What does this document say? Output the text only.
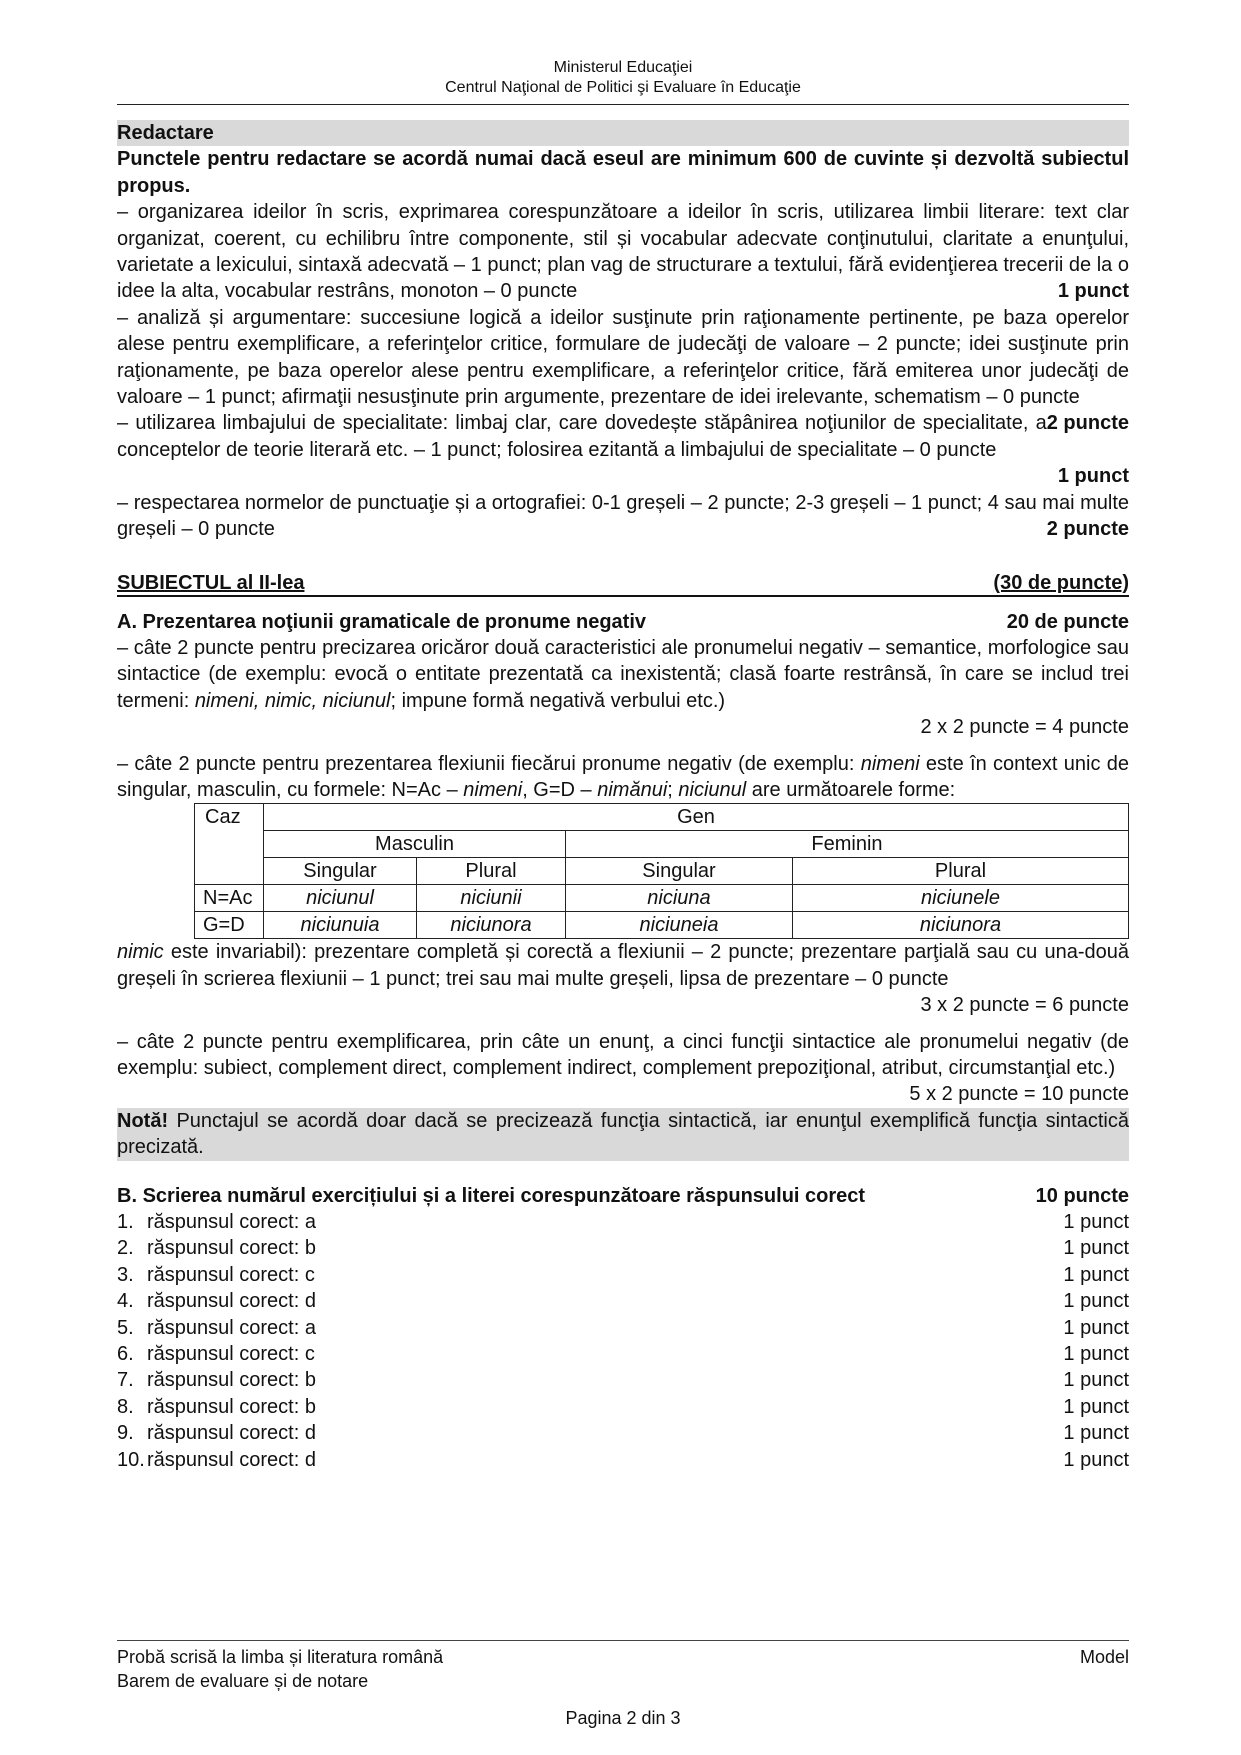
Ministerul Educaţiei
Centrul Naţional de Politici şi Evaluare în Educaţie
Redactare
Punctele pentru redactare se acordă numai dacă eseul are minimum 600 de cuvinte și dezvoltă subiectul propus.
– organizarea ideilor în scris, exprimarea corespunzătoare a ideilor în scris, utilizarea limbii literare: text clar organizat, coerent, cu echilibru între componente, stil și vocabular adecvate conţinutului, claritate a enunţului, varietate a lexicului, sintaxă adecvată – 1 punct; plan vag de structurare a textului, fără evidenţierea trecerii de la o idee la alta, vocabular restrâns, monoton – 0 puncte	1 punct
– analiză și argumentare: succesiune logică a ideilor susţinute prin raţionamente pertinente, pe baza operelor alese pentru exemplificare, a referinţelor critice, formulare de judecăţi de valoare – 2 puncte; idei susţinute prin raţionamente, pe baza operelor alese pentru exemplificare, a referinţelor critice, fără emiterea unor judecăţi de valoare – 1 punct; afirmaţii nesusţinute prin argumente, prezentare de idei irelevante, schematism – 0 puncte
2 puncte
– utilizarea limbajului de specialitate: limbaj clar, care dovedește stăpânirea noţiunilor de specialitate, a conceptelor de teorie literară etc. – 1 punct; folosirea ezitantă a limbajului de specialitate – 0 puncte
1 punct
– respectarea normelor de punctuaţie și a ortografiei: 0-1 greșeli – 2 puncte; 2-3 greșeli – 1 punct; 4 sau mai multe greșeli – 0 puncte	2 puncte
SUBIECTUL al II-lea	(30 de puncte)
A. Prezentarea noţiunii gramaticale de pronume negativ	20 de puncte
– câte 2 puncte pentru precizarea oricăror două caracteristici ale pronumelui negativ – semantice, morfologice sau sintactice (de exemplu: evocă o entitate prezentată ca inexistentă; clasă foarte restrânsă, în care se includ trei termeni: nimeni, nimic, niciunul; impune formă negativă verbului etc.)
2 x 2 puncte = 4 puncte
– câte 2 puncte pentru prezentarea flexiunii fiecărui pronume negativ (de exemplu: nimeni este în context unic de singular, masculin, cu formele: N=Ac – nimeni, G=D – nimănui; niciunul are următoarele forme:
Caz	Gen			
	Masculin		Feminin	
	Singular	Plural	Singular	Plural
N=Ac	niciunul	niciunii	niciuna	niciunele
G=D	niciunuia	niciunora	niciuneia	niciunora
nimic este invariabil): prezentare completă și corectă a flexiunii – 2 puncte; prezentare parţială sau cu una-două greșeli în scrierea flexiunii – 1 punct; trei sau mai multe greșeli, lipsa de prezentare – 0 puncte
3 x 2 puncte = 6 puncte
– câte 2 puncte pentru exemplificarea, prin câte un enunţ, a cinci funcţii sintactice ale pronumelui negativ (de exemplu: subiect, complement direct, complement indirect, complement prepoziţional, atribut, circumstanţial etc.)
5 x 2 puncte = 10 puncte
Notă! Punctajul se acordă doar dacă se precizează funcţia sintactică, iar enunţul exemplifică funcţia sintactică precizată.
B. Scrierea numărul exercițiului și a literei corespunzătoare răspunsului corect	10 puncte
1. răspunsul corect: a	1 punct
2. răspunsul corect: b	1 punct
3. răspunsul corect: c	1 punct
4. răspunsul corect: d	1 punct
5. răspunsul corect: a	1 punct
6. răspunsul corect: c	1 punct
7. răspunsul corect: b	1 punct
8. răspunsul corect: b	1 punct
9. răspunsul corect: d	1 punct
10. răspunsul corect: d	1 punct
Probă scrisă la limba și literatura română	Model
Barem de evaluare și de notare
Pagina 2 din 3
